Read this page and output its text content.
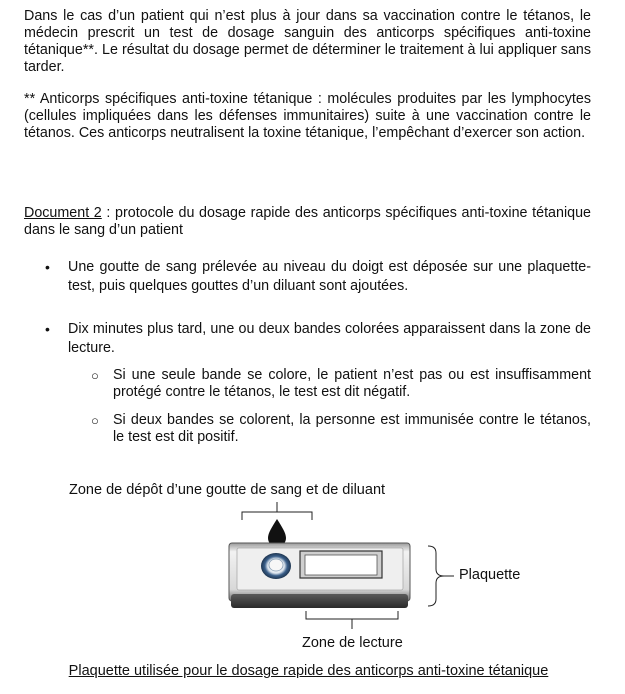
Dans le cas d’un patient qui n’est plus à jour dans sa vaccination contre le tétanos, le médecin prescrit un test de dosage sanguin des anticorps spécifiques anti-toxine tétanique**. Le résultat du dosage permet de déterminer le traitement à lui appliquer sans tarder.

** Anticorps spécifiques anti-toxine tétanique : molécules produites par les lymphocytes (cellules impliquées dans les défenses immunitaires) suite à une vaccination contre le tétanos. Ces anticorps neutralisent la toxine tétanique, l’empêchant d’exercer son action.

Document 2 : protocole du dosage rapide des anticorps spécifiques anti-toxine tétanique dans le sang d’un patient

• Une goutte de sang prélevée au niveau du doigt est déposée sur une plaquette-test, puis quelques gouttes d’un diluant sont ajoutées.

• Dix minutes plus tard, une ou deux bandes colorées apparaissent dans la zone de lecture.

○ Si une seule bande se colore, le patient n’est pas ou est insuffisamment protégé contre le tétanos, le test est dit négatif.

○ Si deux bandes se colorent, la personne est immunisée contre le tétanos, le test est dit positif.

Zone de dépôt d’une goutte de sang et de diluant
Plaquette
Zone de lecture
Plaquette utilisée pour le dosage rapide des anticorps anti-toxine tétanique
